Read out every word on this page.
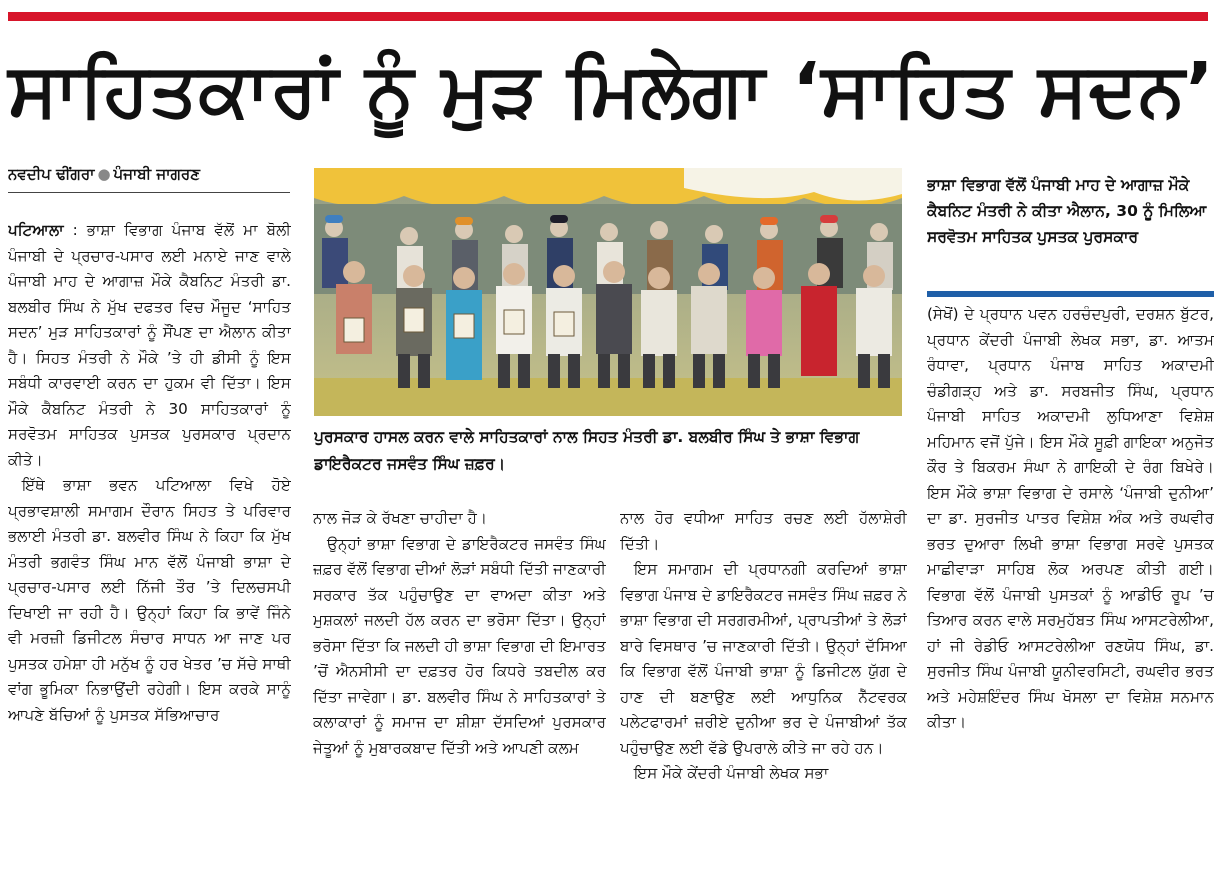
ਸਾਹਿਤਕਾਰਾਂ ਨੂੰ ਮੁੜ ਮਿਲੇਗਾ ‘ਸਾਹਿਤ ਸਦਨ’
ਨਵਦੀਪ ਢੀਂਗਰਾ ● ਪੰਜਾਬੀ ਜਾਗਰਣ

ਪਟਿਆਲਾ : ਭਾਸ਼ਾ ਵਿਭਾਗ ਪੰਜਾਬ ਵੱਲੋਂ ਮਾ ਬੋਲੀ ਪੰਜਾਬੀ ਦੇ ਪ੍ਰਚਾਰ-ਪਸਾਰ ਲਈ ਮਨਾਏ ਜਾਣ ਵਾਲੇ ਪੰਜਾਬੀ ਮਾਹ ਦੇ ਆਗਾਜ਼ ਮੌਕੇ ਕੈਬਨਿਟ ਮੰਤਰੀ ਡਾ. ਬਲਬੀਰ ਸਿੰਘ ਨੇ ਮੁੱਖ ਦਫਤਰ ਵਿਚ ਮੌਜੂਦ ‘ਸਾਹਿਤ ਸਦਨ’ ਮੁੜ ਸਾਹਿਤਕਾਰਾਂ ਨੂੰ ਸੌਂਪਣ ਦਾ ਐਲਾਨ ਕੀਤਾ ਹੈ। ਸਿਹਤ ਮੰਤਰੀ ਨੇ ਮੌਕੇ ’ਤੇ ਹੀ ਡੀਸੀ ਨੂੰ ਇਸ ਸਬੰਧੀ ਕਾਰਵਾਈ ਕਰਨ ਦਾ ਹੁਕਮ ਵੀ ਦਿੱਤਾ। ਇਸ ਮੌਕੇ ਕੈਬਨਿਟ ਮੰਤਰੀ ਨੇ 30 ਸਾਹਿਤਕਾਰਾਂ ਨੂੰ ਸਰਵੋਤਮ ਸਾਹਿਤਕ ਪੁਸਤਕ ਪੁਰਸਕਾਰ ਪ੍ਰਦਾਨ ਕੀਤੇ।

ਇੱਥੇ ਭਾਸ਼ਾ ਭਵਨ ਪਟਿਆਲਾ ਵਿਖੇ ਹੋਏ ਪ੍ਰਭਾਵਸ਼ਾਲੀ ਸਮਾਗਮ ਦੌਰਾਨ ਸਿਹਤ ਤੇ ਪਰਿਵਾਰ ਭਲਾਈ ਮੰਤਰੀ ਡਾ. ਬਲਵੀਰ ਸਿੰਘ ਨੇ ਕਿਹਾ ਕਿ ਮੁੱਖ ਮੰਤਰੀ ਭਗਵੰਤ ਸਿੰਘ ਮਾਨ ਵੱਲੋਂ ਪੰਜਾਬੀ ਭਾਸ਼ਾ ਦੇ ਪ੍ਰਚਾਰ-ਪਸਾਰ ਲਈ ਨਿੱਜੀ ਤੌਰ ’ਤੇ ਦਿਲਚਸਪੀ ਦਿਖਾਈ ਜਾ ਰਹੀ ਹੈ। ਉਨ੍ਹਾਂ ਕਿਹਾ ਕਿ ਭਾਵੇਂ ਜਿੰਨੇ ਵੀ ਮਰਜ਼ੀ ਡਿਜੀਟਲ ਸੰਚਾਰ ਸਾਧਨ ਆ ਜਾਣ ਪਰ ਪੁਸਤਕ ਹਮੇਸ਼ਾ ਹੀ ਮਨੁੱਖ ਨੂੰ ਹਰ ਖੇਤਰ ’ਚ ਸੱਚੇ ਸਾਥੀ ਵਾਂਗ ਭੂਮਿਕਾ ਨਿਭਾਉਂਦੀ ਰਹੇਗੀ। ਇਸ ਕਰਕੇ ਸਾਨੂੰ ਆਪਣੇ ਬੱਚਿਆਂ ਨੂੰ ਪੁਸਤਕ ਸੱਭਿਆਚਾਰ

ਪੁਰਸਕਾਰ ਹਾਸਲ ਕਰਨ ਵਾਲੇ ਸਾਹਿਤਕਾਰਾਂ ਨਾਲ ਸਿਹਤ ਮੰਤਰੀ ਡਾ. ਬਲਬੀਰ ਸਿੰਘ ਤੇ ਭਾਸ਼ਾ ਵਿਭਾਗ ਡਾਇਰੈਕਟਰ ਜਸਵੰਤ ਸਿੰਘ ਜ਼ਫ਼ਰ।

ਨਾਲ ਜੋੜ ਕੇ ਰੱਖਣਾ ਚਾਹੀਦਾ ਹੈ।

ਉਨ੍ਹਾਂ ਭਾਸ਼ਾ ਵਿਭਾਗ ਦੇ ਡਾਇਰੈਕਟਰ ਜਸਵੰਤ ਸਿੰਘ ਜ਼ਫ਼ਰ ਵੱਲੋਂ ਵਿਭਾਗ ਦੀਆਂ ਲੋੜਾਂ ਸਬੰਧੀ ਦਿੱਤੀ ਜਾਣਕਾਰੀ ਸਰਕਾਰ ਤੱਕ ਪਹੁੰਚਾਉਣ ਦਾ ਵਾਅਦਾ ਕੀਤਾ ਅਤੇ ਮੁਸ਼ਕਲਾਂ ਜਲਦੀ ਹੱਲ ਕਰਨ ਦਾ ਭਰੋਸਾ ਦਿੱਤਾ। ਉਨ੍ਹਾਂ ਭਰੋਸਾ ਦਿੱਤਾ ਕਿ ਜਲਦੀ ਹੀ ਭਾਸ਼ਾ ਵਿਭਾਗ ਦੀ ਇਮਾਰਤ ’ਚੋਂ ਐਨਸੀਸੀ ਦਾ ਦਫ਼ਤਰ ਹੋਰ ਕਿਧਰੇ ਤਬਦੀਲ ਕਰ ਦਿੱਤਾ ਜਾਵੇਗਾ। ਡਾ. ਬਲਵੀਰ ਸਿੰਘ ਨੇ ਸਾਹਿਤਕਾਰਾਂ ਤੇ ਕਲਾਕਾਰਾਂ ਨੂੰ ਸਮਾਜ ਦਾ ਸ਼ੀਸ਼ਾ ਦੱਸਦਿਆਂ ਪੁਰਸਕਾਰ ਜੇਤੂਆਂ ਨੂੰ ਮੁਬਾਰਕਬਾਦ ਦਿੱਤੀ ਅਤੇ ਆਪਣੀ ਕਲਮ

ਨਾਲ ਹੋਰ ਵਧੀਆ ਸਾਹਿਤ ਰਚਣ ਲਈ ਹੱਲਾਸ਼ੇਰੀ ਦਿੱਤੀ।

ਇਸ ਸਮਾਗਮ ਦੀ ਪ੍ਰਧਾਨਗੀ ਕਰਦਿਆਂ ਭਾਸ਼ਾ ਵਿਭਾਗ ਪੰਜਾਬ ਦੇ ਡਾਇਰੈਕਟਰ ਜਸਵੰਤ ਸਿੰਘ ਜ਼ਫ਼ਰ ਨੇ ਭਾਸ਼ਾ ਵਿਭਾਗ ਦੀ ਸਰਗਰਮੀਆਂ, ਪ੍ਰਾਪਤੀਆਂ ਤੇ ਲੋੜਾਂ ਬਾਰੇ ਵਿਸਥਾਰ ’ਚ ਜਾਣਕਾਰੀ ਦਿੱਤੀ। ਉਨ੍ਹਾਂ ਦੱਸਿਆ ਕਿ ਵਿਭਾਗ ਵੱਲੋਂ ਪੰਜਾਬੀ ਭਾਸ਼ਾ ਨੂੰ ਡਿਜੀਟਲ ਯੁੱਗ ਦੇ ਹਾਣ ਦੀ ਬਣਾਉਣ ਲਈ ਆਧੁਨਿਕ ਨੈੱਟਵਰਕ ਪਲੇਟਫਾਰਮਾਂ ਜ਼ਰੀਏ ਦੁਨੀਆ ਭਰ ਦੇ ਪੰਜਾਬੀਆਂ ਤੱਕ ਪਹੁੰਚਾਉਣ ਲਈ ਵੱਡੇ ਉਪਰਾਲੇ ਕੀਤੇ ਜਾ ਰਹੇ ਹਨ।

ਇਸ ਮੌਕੇ ਕੇਂਦਰੀ ਪੰਜਾਬੀ ਲੇਖਕ ਸਭਾ

ਭਾਸ਼ਾ ਵਿਭਾਗ ਵੱਲੋਂ ਪੰਜਾਬੀ ਮਾਹ ਦੇ ਆਗਾਜ਼ ਮੌਕੇ ਕੈਬਨਿਟ ਮੰਤਰੀ ਨੇ ਕੀਤਾ ਐਲਾਨ, 30 ਨੂੰ ਮਿਲਿਆ ਸਰਵੋਤਮ ਸਾਹਿਤਕ ਪੁਸਤਕ ਪੁਰਸਕਾਰ

(ਸੇਖੋਂ) ਦੇ ਪ੍ਰਧਾਨ ਪਵਨ ਹਰਚੰਦਪੁਰੀ, ਦਰਸ਼ਨ ਬੁੱਟਰ, ਪ੍ਰਧਾਨ ਕੇਂਦਰੀ ਪੰਜਾਬੀ ਲੇਖਕ ਸਭਾ, ਡਾ. ਆਤਮ ਰੰਧਾਵਾ, ਪ੍ਰਧਾਨ ਪੰਜਾਬ ਸਾਹਿਤ ਅਕਾਦਮੀ ਚੰਡੀਗੜ੍ਹ ਅਤੇ ਡਾ. ਸਰਬਜੀਤ ਸਿੰਘ, ਪ੍ਰਧਾਨ ਪੰਜਾਬੀ ਸਾਹਿਤ ਅਕਾਦਮੀ ਲੁਧਿਆਣਾ ਵਿਸ਼ੇਸ਼ ਮਹਿਮਾਨ ਵਜੋਂ ਪੁੱਜੇ। ਇਸ ਮੌਕੇ ਸੂਫ਼ੀ ਗਾਇਕਾ ਅਨੁਜੋਤ ਕੌਰ ਤੇ ਬਿਕਰਮ ਸੰਘਾ ਨੇ ਗਾਇਕੀ ਦੇ ਰੰਗ ਬਿਖੇਰੇ। ਇਸ ਮੌਕੇ ਭਾਸ਼ਾ ਵਿਭਾਗ ਦੇ ਰਸਾਲੇ ‘ਪੰਜਾਬੀ ਦੁਨੀਆ’ ਦਾ ਡਾ. ਸੁਰਜੀਤ ਪਾਤਰ ਵਿਸ਼ੇਸ਼ ਅੰਕ ਅਤੇ ਰਘਵੀਰ ਭਰਤ ਦੁਆਰਾ ਲਿਖੀ ਭਾਸ਼ਾ ਵਿਭਾਗ ਸਰਵੇ ਪੁਸਤਕ ਮਾਛੀਵਾੜਾ ਸਾਹਿਬ ਲੋਕ ਅਰਪਣ ਕੀਤੀ ਗਈ। ਵਿਭਾਗ ਵੱਲੋਂ ਪੰਜਾਬੀ ਪੁਸਤਕਾਂ ਨੂੰ ਆਡੀਓ ਰੂਪ ’ਚ ਤਿਆਰ ਕਰਨ ਵਾਲੇ ਸਰਮੁਹੱਬਤ ਸਿੰਘ ਆਸਟਰੇਲੀਆ, ਹਾਂ ਜੀ ਰੇਡੀਓ ਆਸਟਰੇਲੀਆ ਰਣਯੋਧ ਸਿੰਘ, ਡਾ. ਸੁਰਜੀਤ ਸਿੰਘ ਪੰਜਾਬੀ ਯੂਨੀਵਰਸਿਟੀ, ਰਘਵੀਰ ਭਰਤ ਅਤੇ ਮਹੇਸ਼ਇੰਦਰ ਸਿੰਘ ਖੋਸਲਾ ਦਾ ਵਿਸ਼ੇਸ਼ ਸਨਮਾਨ ਕੀਤਾ।
